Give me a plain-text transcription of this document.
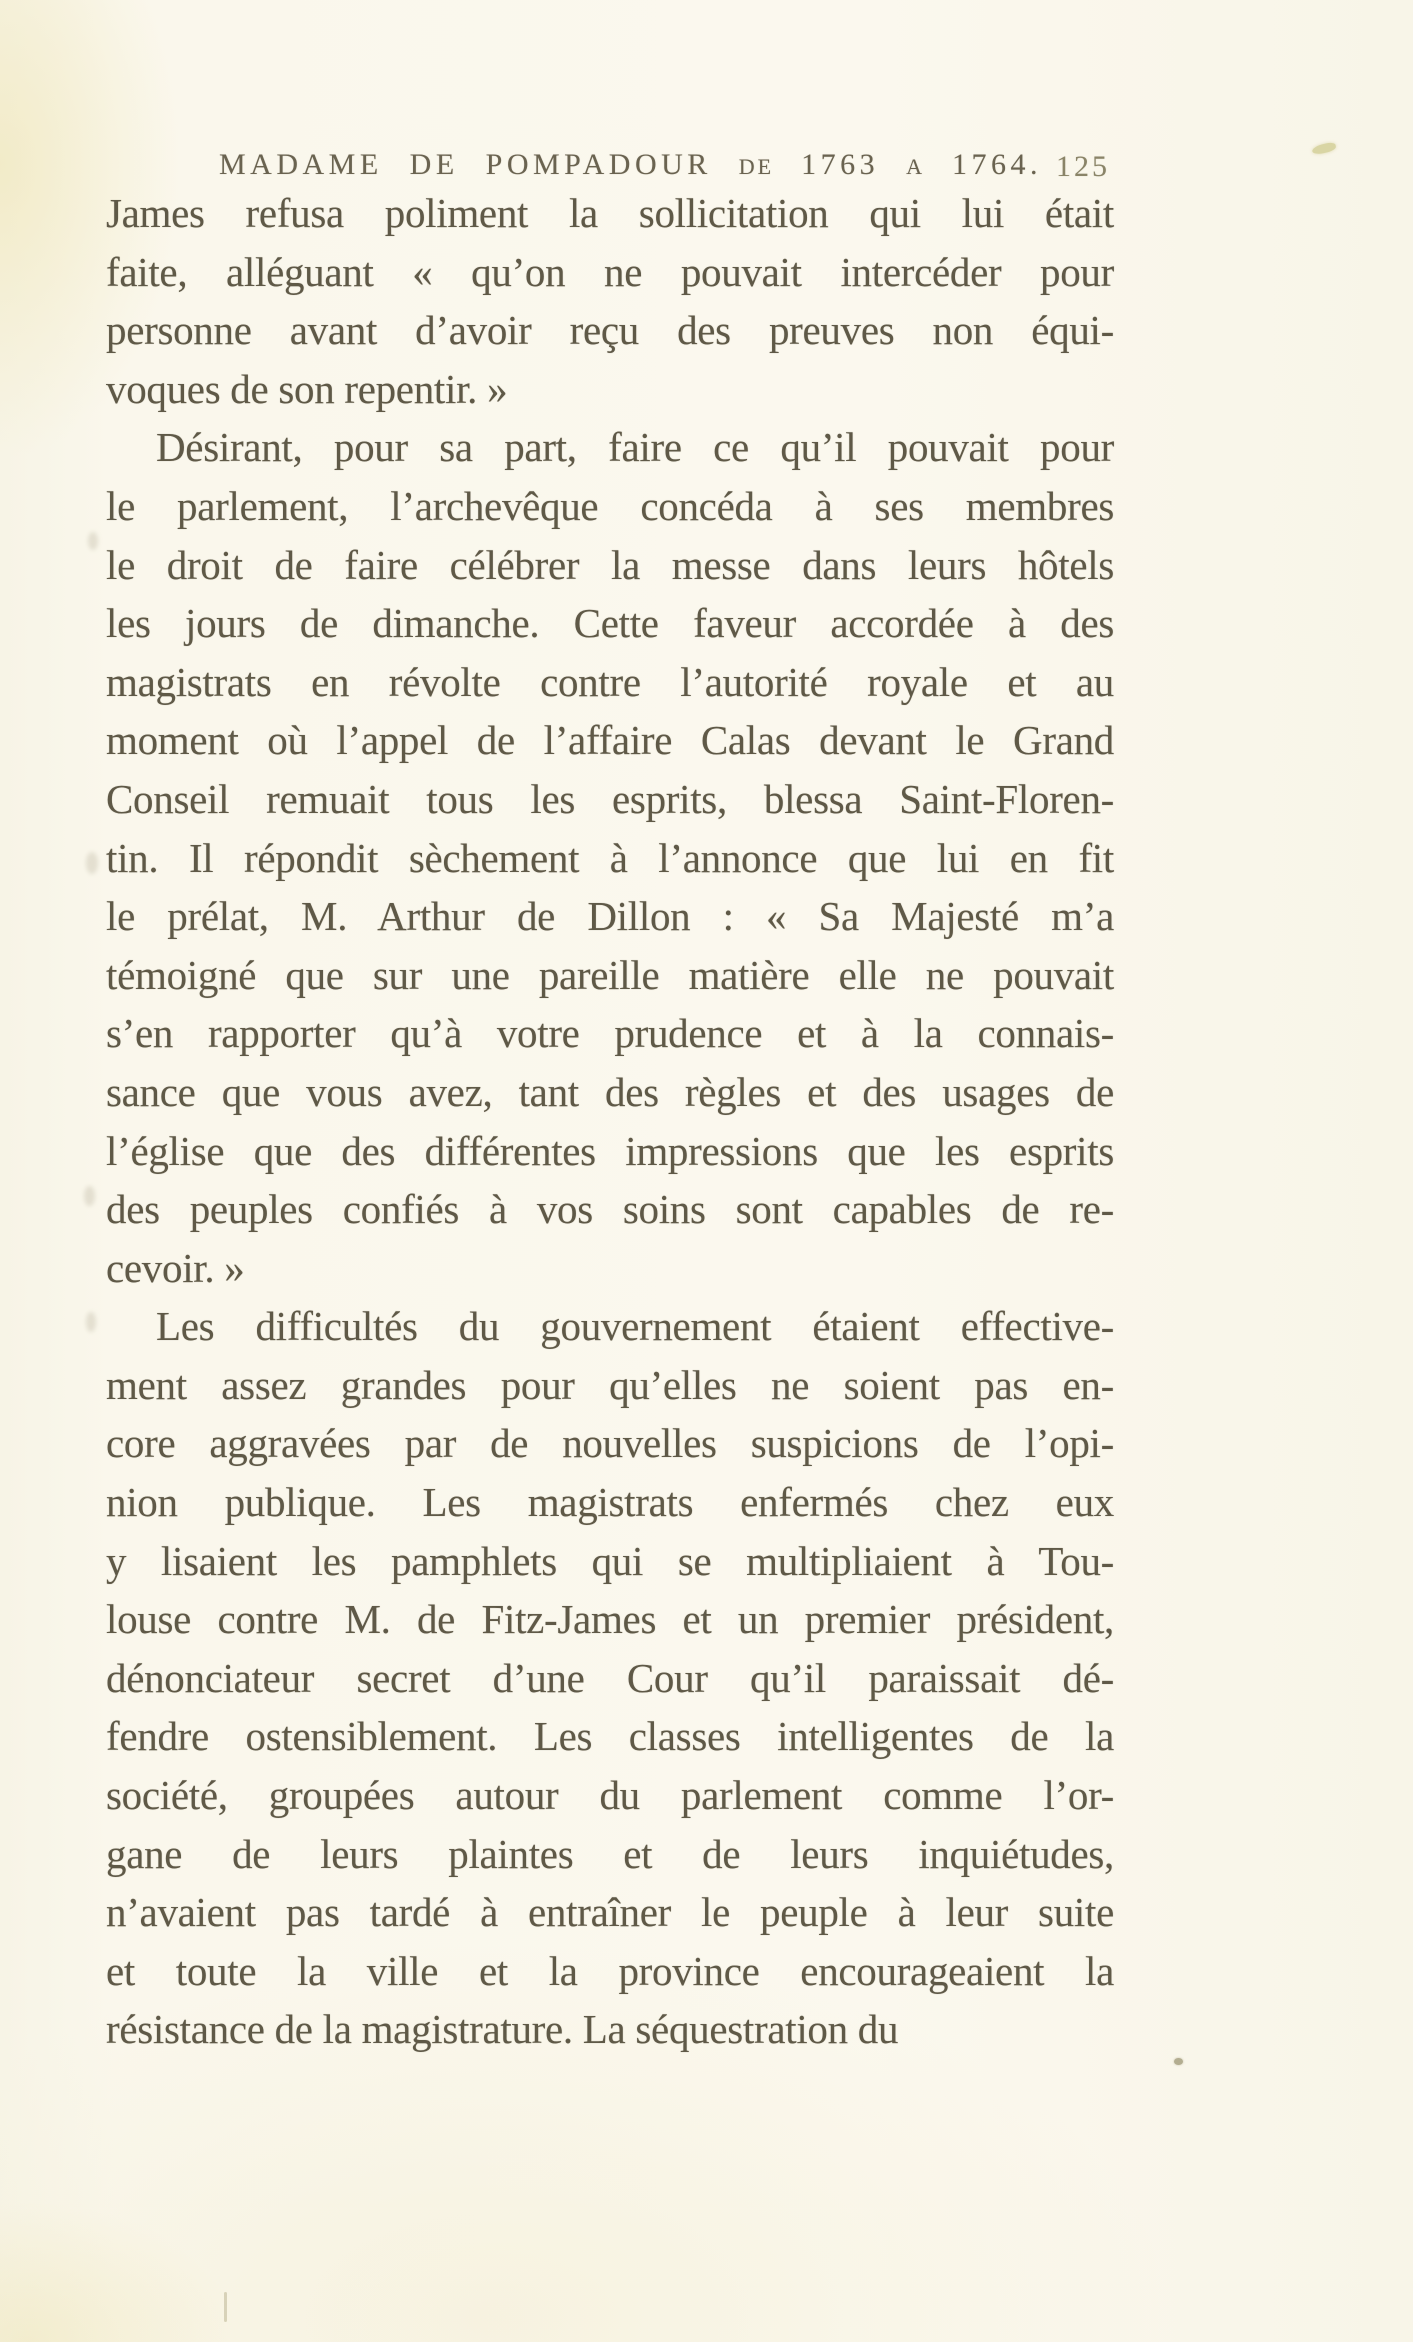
MADAME DE POMPADOUR DE 1763 A 1764. 125
James refusa poliment la sollicitation qui lui était
faite, alléguant « qu’on ne pouvait intercéder pour
personne avant d’avoir reçu des preuves non équi-
voques de son repentir. »
Désirant, pour sa part, faire ce qu’il pouvait pour
le parlement, l’archevêque concéda à ses membres
le droit de faire célébrer la messe dans leurs hôtels
les jours de dimanche. Cette faveur accordée à des
magistrats en révolte contre l’autorité royale et au
moment où l’appel de l’affaire Calas devant le Grand
Conseil remuait tous les esprits, blessa Saint-Floren-
tin. Il répondit sèchement à l’annonce que lui en fit
le prélat, M. Arthur de Dillon : « Sa Majesté m’a
témoigné que sur une pareille matière elle ne pouvait
s’en rapporter qu’à votre prudence et à la connais-
sance que vous avez, tant des règles et des usages de
l’église que des différentes impressions que les esprits
des peuples confiés à vos soins sont capables de re-
cevoir. »
Les difficultés du gouvernement étaient effective-
ment assez grandes pour qu’elles ne soient pas en-
core aggravées par de nouvelles suspicions de l’opi-
nion publique. Les magistrats enfermés chez eux
y lisaient les pamphlets qui se multipliaient à Tou-
louse contre M. de Fitz-James et un premier président,
dénonciateur secret d’une Cour qu’il paraissait dé-
fendre ostensiblement. Les classes intelligentes de la
société, groupées autour du parlement comme l’or-
gane de leurs plaintes et de leurs inquiétudes,
n’avaient pas tardé à entraîner le peuple à leur suite
et toute la ville et la province encourageaient la
résistance de la magistrature. La séquestration du
